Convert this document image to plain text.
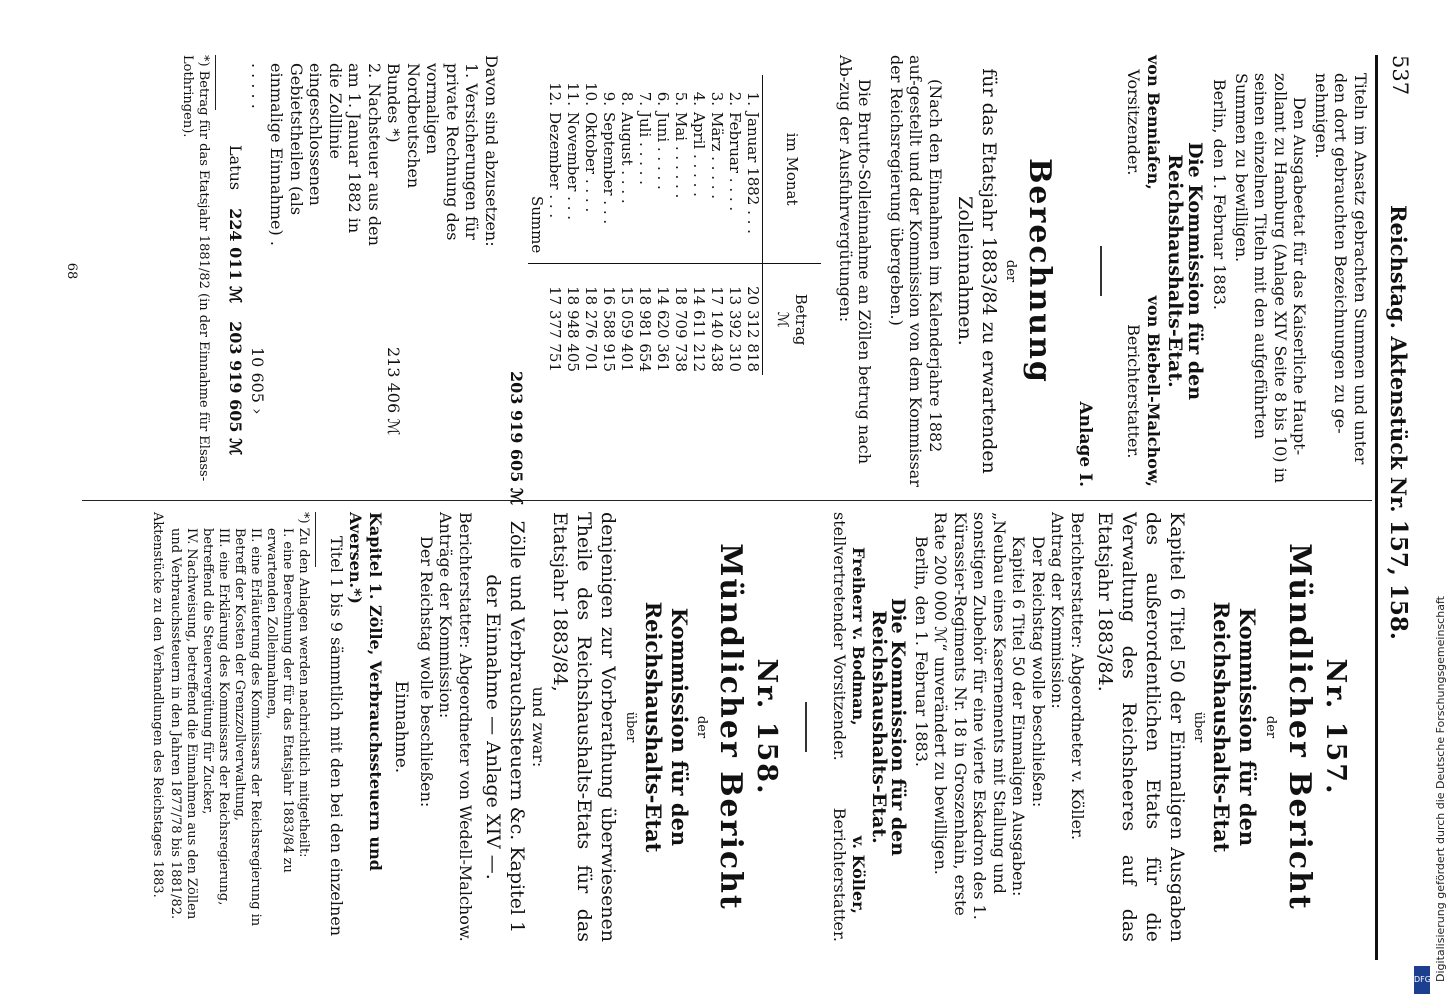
537
Reichstag. Aktenstück Nr. 157, 158.

Titeln im Ansatz gebrachten Summen und unter

den dort gebrauchten Bezeichnungen zu ge-

nehmigen.

Den Ausgabeetat für das Kaiserliche Haupt-zollamt zu Hamburg (Anlage XIV Seite 8 bis 10) in seinen einzelnen Titeln mit den aufgeführten Summen zu bewilligen.

Berlin, den 1. Februar 1883.

Die Kommission für den Reichshaushalts-Etat.

von Benniafen,

Vorsitzender.

von Biebell-Malchow,

Berichterstatter.

Anlage I.

Berechnung

der

für das Etatsjahr 1883/84 zu erwartenden Zolleinnahmen.

(Nach den Einnahmen im Kalenderjahre 1882 auf-gestellt und der Kommission von dem Kommissar der Reichsregierung übergeben.)

Die Brutto-Solleinnahme an Zöllen betrug nach Ab-zug der Ausfuhrvergütungen:

im Monat		Betrag
ℳ

1.	Januar 1882 . . .	20 312 818
2.	Februar . . . .	13 392 310
3.	März . . . . .	17 140 438
4.	April . . . . .	14 611 212
5.	Mai . . . . . .	18 709 738
6.	Juni . . . . .	14 620 361
7.	Juli . . . . .	18 981 654
8.	August . . . .	15 059 401
9.	September . . .	16 588 915
10.	Oktober . . . .	18 276 701
11.	November . . .	18 948 405
12.	Dezember . . .	17 377 751
Summe		

203 919 605 ℳ

Davon sind abzusetzen:

1. Versicherungen für private Rechnung des vormaligen Nordbeutschen Bundes *)

213 406 ℳ

2. Nachsteuer aus den am 1. Januar 1882 in die Zolllinie eingeschlossenen Gebietstheilen (als einmalige Einnahme) . . . . . .

10 605 ›

Latus
224 011 ℳ
203 919 605 ℳ

*) Betrag für das Etatsjahr 1881/82 (in der Einnahme für Elsass-Lothringen).

68

Nr. 157.

Mündlicher Bericht

der

Kommission für den Reichshaushalts-Etat

über

Kapitel 6 Titel 50 der Einmaligen Ausgaben des außerordentlichen Etats für die Verwaltung des Reichsheeres auf das Etatsjahr 1883/84.

Berichterstatter: Abgeordneter v. Köller.

Antrag der Kommission:

Der Reichstag wolle beschließen:

Kapitel 6 Titel 50 der Einmaligen Ausgaben: „Neubau eines Kasernements mit Stallung und sonstigen Zubehör für eine vierte Eskadron des 1. Kürassier-Regiments Nr. 18 in Groszenhain, erste Rate 200 000 ℳ“ unverändert zu bewilligen.

Berlin, den 1. Februar 1883.

Die Kommission für den Reichshaushalts-Etat.

Freiherr v. Bodman,

stellvertretender Vorsitzender.

v. Köller,

Berichterstatter.

Nr. 158.

Mündlicher Bericht

der

Kommission für den Reichshaushalts-Etat

über

denjenigen zur Vorberathung überwiesenen Theile des Reichshaushalts-Etats für das Etatsjahr 1883/84,

und zwar:

Zölle und Verbrauchssteuern &c. Kapitel 1 der Einnahme — Anlage XIV —.

Berichterstatter: Abgeordneter von Wedell-Malchow.

Anträge der Kommission:

Der Reichstag wolle beschließen:

Einnahme.

Kapitel 1. Zölle, Verbrauchssteuern und Aversen.*)

Titel 1 bis 9 sämmtlich mit den bei den einzelnen

*) Zu den Anlagen werden nachrichtlich mitgetheilt:

I. eine Berechnung der für das Etatsjahr 1883/84 zu erwartenden Zolleinnahmen,

II. eine Erläuterung des Kommissars der Reichsregierung in Betreff der Kosten der Grenzzollverwaltung,

III. eine Erklärung des Kommissars der Reichsregierung, betreffend die Steuervergütung für Zucker,

IV. Nachweisung, betreffend die Einnahmen aus den Zöllen und Verbrauchssteuern in den Jahren 1877/78 bis 1881/82.

Aktenstücke zu den Verhandlungen des Reichstages 1883.	Digitalisierung gefördert durch die Deutsche Forschungsgemeinschaft
DFG
